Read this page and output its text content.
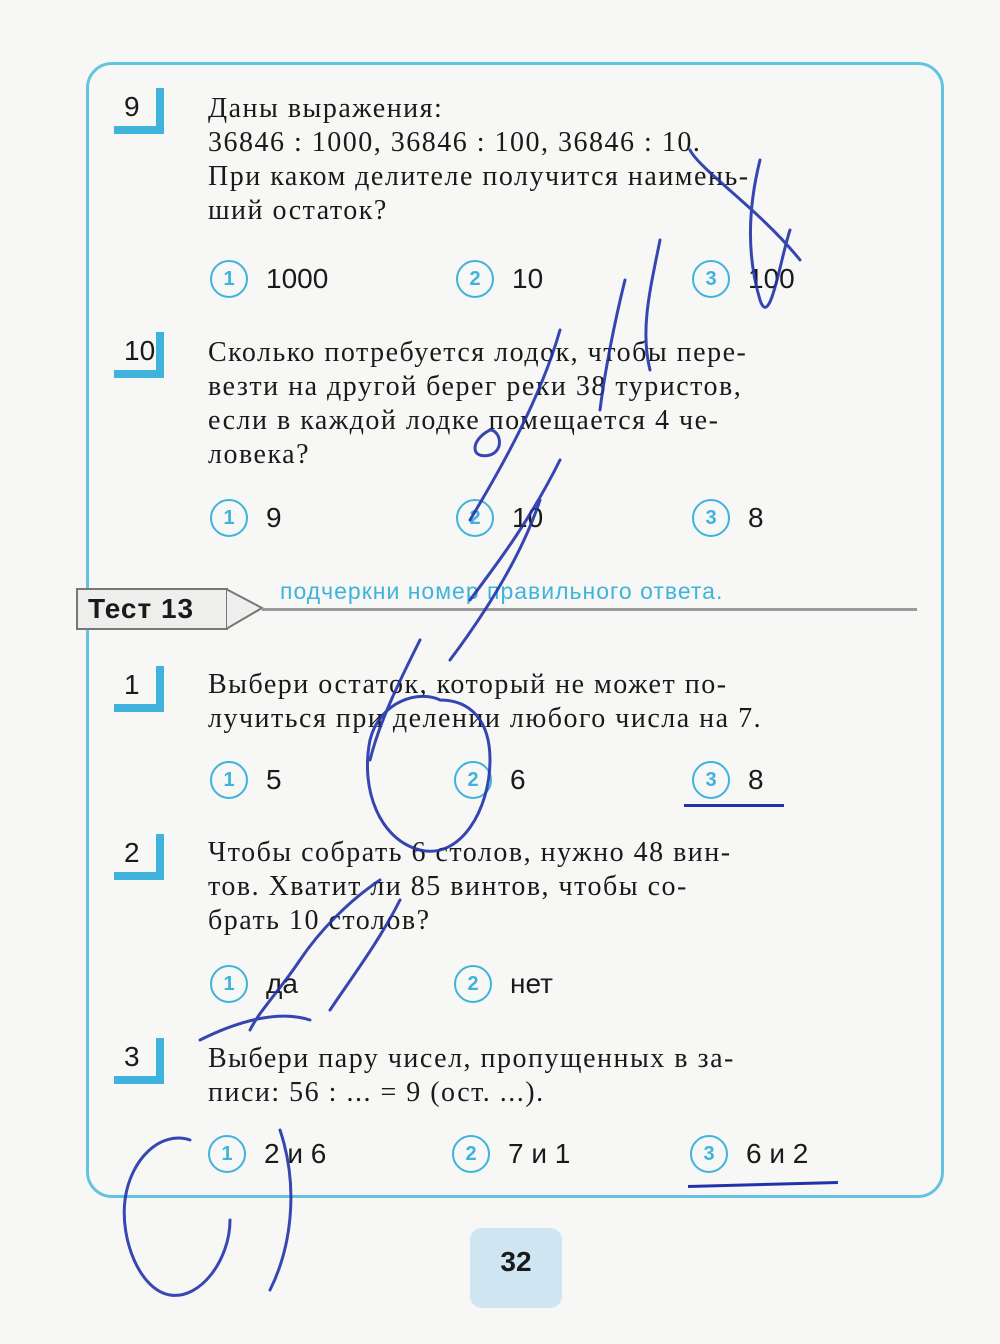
9	Даны выражения:
36846 : 1000, 36846 : 100, 36846 : 10.
При каком делителе получится наимень-
ший остаток?
1	1000	2	10	3	100
10	Сколько потребуется лодок, чтобы пере-
везти на другой берег реки 38 туристов,
если в каждой лодке помещается 4 че-
ловека?
1	9	2	10	3	8
Тест 13
подчеркни номер правильного ответа.
1	Выбери остаток, который не может по-
лучиться при делении любого числа на 7.
1	5	2	6	3	8
2	Чтобы собрать 6 столов, нужно 48 вин-
тов. Хватит ли 85 винтов, чтобы со-
брать 10 столов?
1	да	2	нет
3	Выбери пару чисел, пропущенных в за-
писи: 56 : ... = 9 (ост. ...).
1	2 и 6	2	7 и 1	3	6 и 2
32
